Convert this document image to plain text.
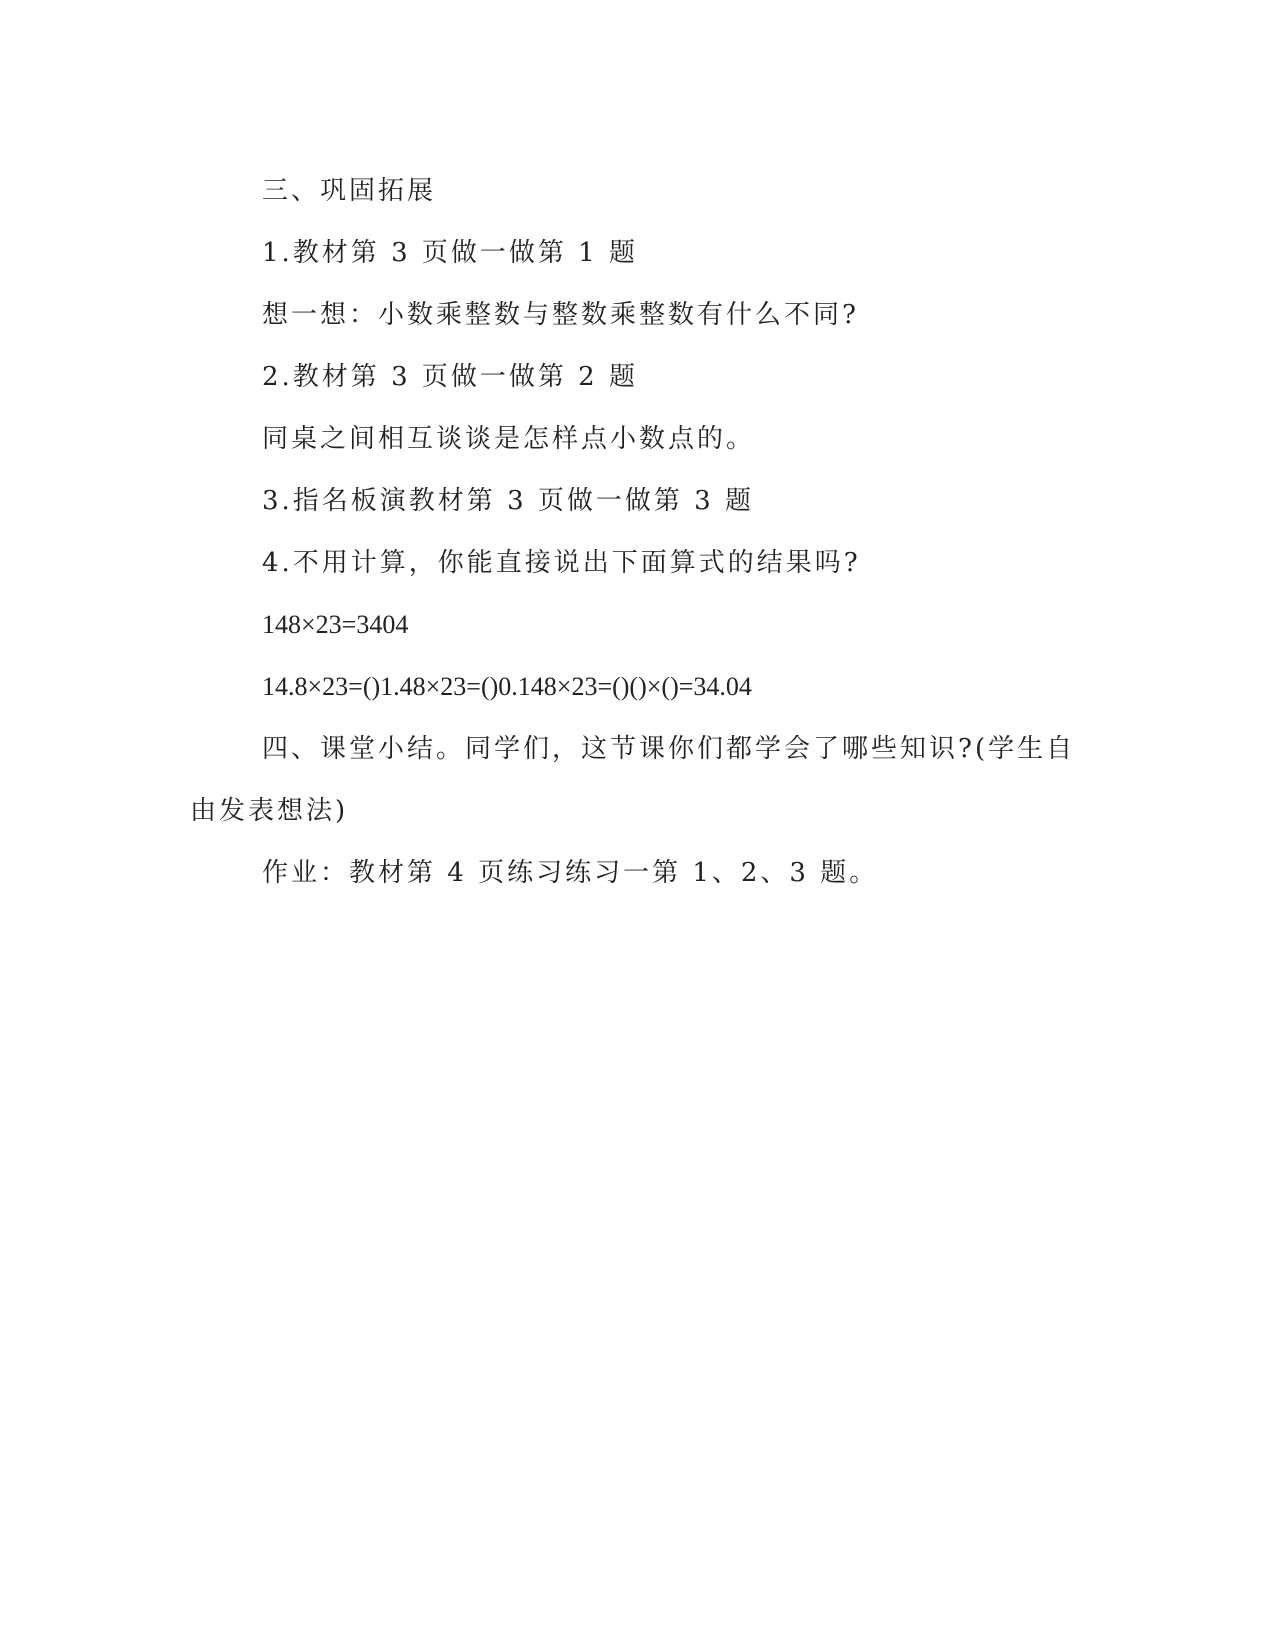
三、巩固拓展

1.教材第 3 页做一做第 1 题

想一想：小数乘整数与整数乘整数有什么不同?

2.教材第 3 页做一做第 2 题

同桌之间相互谈谈是怎样点小数点的。

3.指名板演教材第 3 页做一做第 3 题

4.不用计算，你能直接说出下面算式的结果吗?

148×23=3404

14.8×23=()1.48×23=()0.148×23=()()×()=34.04

四、课堂小结。同学们，这节课你们都学会了哪些知识?(学生自

由发表想法)

作业：教材第 4 页练习练习一第 1、2、3 题。
